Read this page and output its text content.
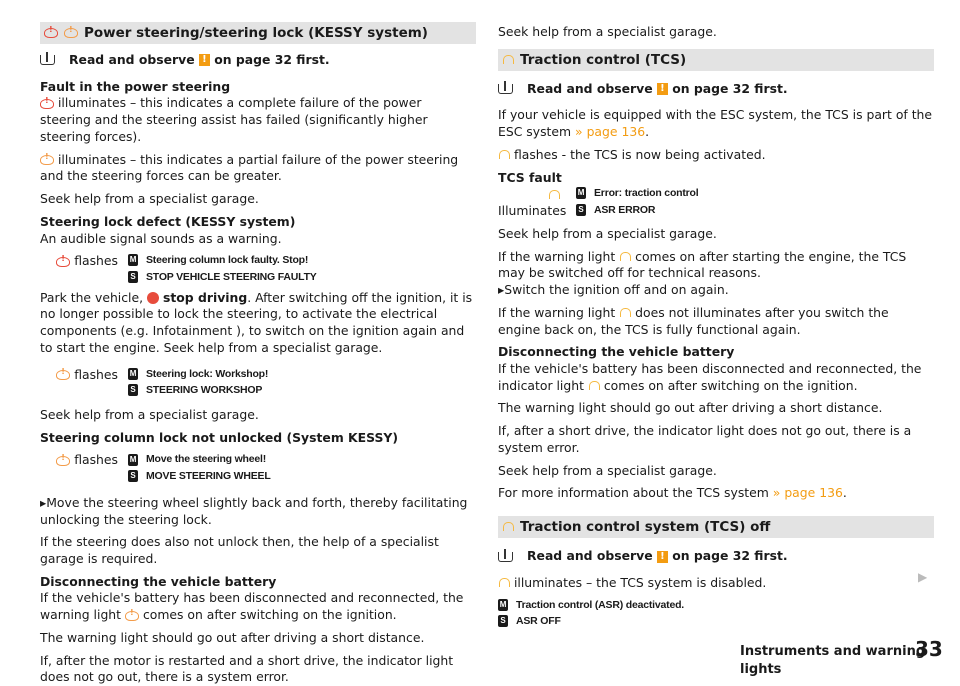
!
!
Power steering/steering lock (KESSY system)
Read and observe
!
on page 32 first.

Fault in the power steering

! illuminates – this indicates a complete failure of the power steering and the steering assist has failed (significantly higher steering forces).

! illuminates – this indicates a partial failure of the power steering and the steering forces can be greater.

Seek help from a specialist garage.

Steering lock defect (KESSY system)

An audible signal sounds as a warning.

! flashes	M Steering column lock faulty. Stop!
S STOP VEHICLE STEERING FAULTY

Park the vehicle, stop driving. After switching off the ignition, it is no longer possible to lock the steering, to activate the electrical components (e.g. Infotainment ), to switch on the ignition again and to start the engine. Seek help from a specialist garage.

! flashes	M Steering lock: Workshop!
S STEERING WORKSHOP

Seek help from a specialist garage.

Steering column lock not unlocked (System KESSY)

! flashes	M Move the steering wheel!
S MOVE STEERING WHEEL

▸ Move the steering wheel slightly back and forth, thereby facilitating unlocking the steering lock.

If the steering does also not unlock then, the help of a specialist garage is required.

Disconnecting the vehicle battery

If the vehicle's battery has been disconnected and reconnected, the warning light ! comes on after switching on the ignition.

The warning light should go out after driving a short distance.

If, after the motor is restarted and a short drive, the indicator light does not go out, there is a system error.

Seek help from a specialist garage.

Traction control (TCS)
Read and observe
!
on page 32 first.

If your vehicle is equipped with the ESC system, the TCS is part of the ESC system » page 136.

flashes - the TCS is now being activated.

TCS fault

Illuminates
M Error: traction control
S ASR ERROR

Seek help from a specialist garage.

If the warning light comes on after starting the engine, the TCS may be switched off for technical reasons.

▸ Switch the ignition off and on again.

If the warning light does not illuminates after you switch the engine back on, the TCS is fully functional again.

Disconnecting the vehicle battery

If the vehicle's battery has been disconnected and reconnected, the indicator light comes on after switching on the ignition.

The warning light should go out after driving a short distance.

If, after a short drive, the indicator light does not go out, there is a system error.

Seek help from a specialist garage.

For more information about the TCS system » page 136.

Traction control system (TCS) off
Read and observe
!
on page 32 first.

illuminates – the TCS system is disabled.

M Traction control (ASR) deactivated.
S ASR OFF
▶
Instruments and warning lights
33
